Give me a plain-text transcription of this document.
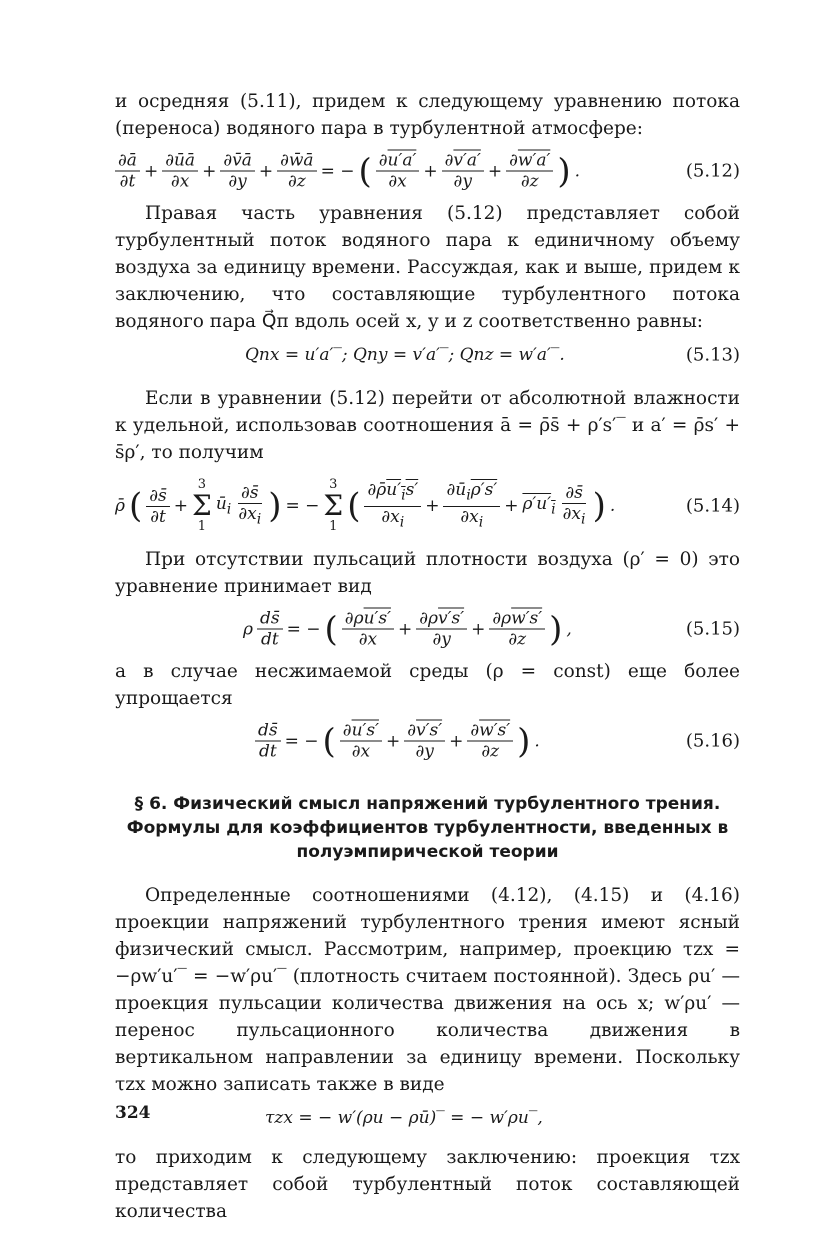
и осредняя (5.11), придем к следующему уравнению потока (переноса) водяного пара в турбулентной атмосфере:

$\frac{\partial ā}{\partial t} + \frac{\partial ūā}{\partial x} + \frac{\partial v̄ā}{\partial y} + \frac{\partial w̄ā}{\partial z}$ = − ( $\frac{\partial u'a'}{\partial x} + \frac{\partial v'a'}{\partial y} + \frac{\partial w'a'}{\partial z}$ ) .	(5.12)

Правая часть уравнения (5.12) представляет собой турбулентный поток водяного пара к единичному объему воздуха за единицу времени. Рассуждая, как и выше, придем к заключению, что составляющие турбулентного потока водяного пара Q⃗п вдоль осей x, y и z соответственно равны:

Qпx = u′a′‾; Qпy = v′a′‾; Qпz = w′a′‾.	(5.13)

Если в уравнении (5.12) перейти от абсолютной влажности к удельной, использовав соотношения ā = ρ̄s̄ + ρ′s′‾ и a′ = ρ̄s′ + s̄ρ′, то получим

ρ̄ ( $\frac{\partial s̄}{\partial t}$ +
3
Σ
1
$ū_i \frac{\partial s̄}{\partial x_i}$ ) = −
3
Σ
1
( $\frac{\partial\rhōu'_is'}{\partial x_i} + \frac{\partial ū_i\rho's'}{\partial x_i} + \rho'u'_i \frac{\partial s̄}{\partial x_i}$ ) .	(5.14)

При отсутствии пульсаций плотности воздуха (ρ′ = 0) это уравнение принимает вид

ρ $\frac{ds̄}{dt}$ = − ( $\frac{\partial\rho u's'}{\partial x} + \frac{\partial\rho v's'}{\partial y} + \frac{\partial\rho w's'}{\partial z}$ ) ,	(5.15)

а в случае несжимаемой среды (ρ = const) еще более упрощается

$\frac{ds̄}{dt}$ = − ( $\frac{\partial u's'}{\partial x} + \frac{\partial v's'}{\partial y} + \frac{\partial w's'}{\partial z}$ ) .	(5.16)
§ 6. Физический смысл напряжений турбулентного трения. Формулы для коэффициентов турбулентности, введенных в полуэмпирической теории

Определенные соотношениями (4.12), (4.15) и (4.16) проекции напряжений турбулентного трения имеют ясный физический смысл. Рассмотрим, например, проекцию τzx = −ρw′u′‾ = −w′ρu′‾ (плотность считаем постоянной). Здесь ρu′ — проекция пульсации количества движения на ось x; w′ρu′ — перенос пульсационного количества движения в вертикальном направлении за единицу времени. Поскольку τzx можно записать также в виде

τzx = − w′(ρu − ρū)‾ = − w′ρu‾,

то приходим к следующему заключению: проекция τzx представляет собой турбулентный поток составляющей количества

324
